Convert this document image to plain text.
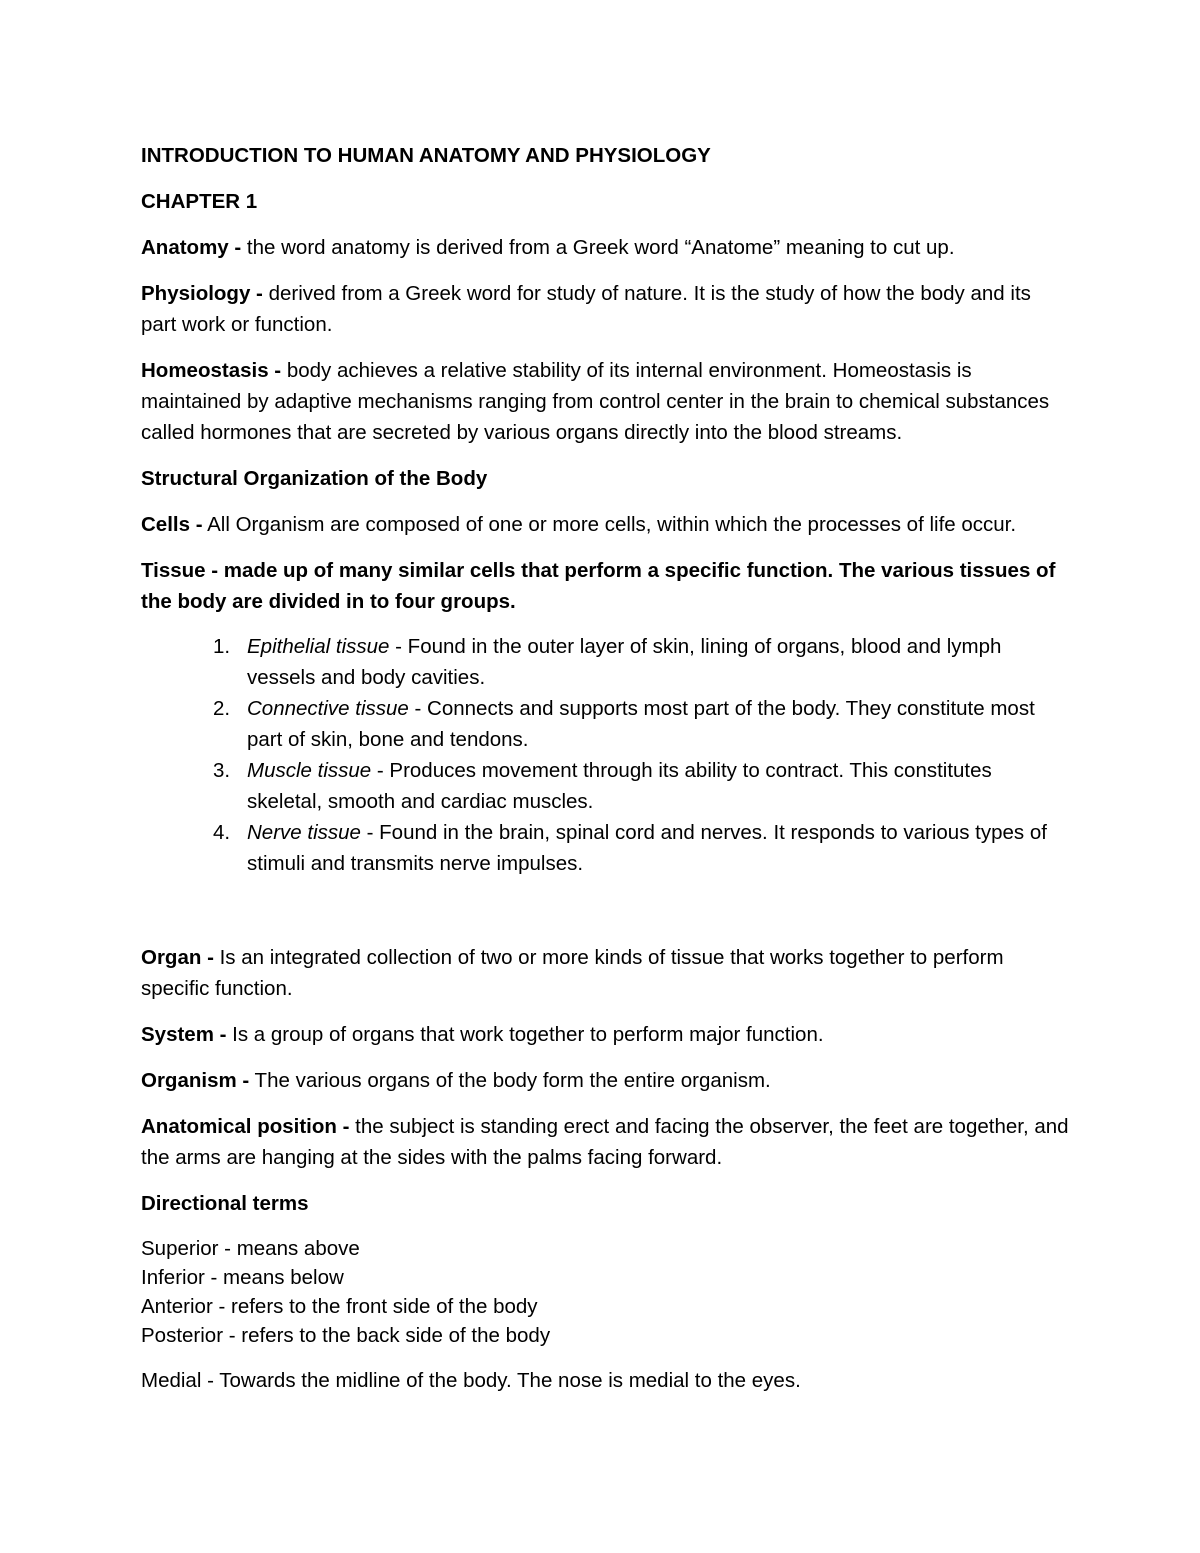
INTRODUCTION TO HUMAN ANATOMY AND PHYSIOLOGY

CHAPTER 1

Anatomy - the word anatomy is derived from a Greek word “Anatome” meaning to cut up.

Physiology - derived from a Greek word for study of nature. It is the study of how the body and its part work or function.

Homeostasis - body achieves a relative stability of its internal environment. Homeostasis is maintained by adaptive mechanisms ranging from control center in the brain to chemical substances called hormones that are secreted by various organs directly into the blood streams.

Structural Organization of the Body

Cells - All Organism are composed of one or more cells, within which the processes of life occur.

Tissue - made up of many similar cells that perform a specific function. The various tissues of the body are divided in to four groups.

1. Epithelial tissue - Found in the outer layer of skin, lining of organs, blood and lymph vessels and body cavities.
2. Connective tissue - Connects and supports most part of the body. They constitute most part of skin, bone and tendons.
3. Muscle tissue - Produces movement through its ability to contract. This constitutes skeletal, smooth and cardiac muscles.
4. Nerve tissue - Found in the brain, spinal cord and nerves. It responds to various types of stimuli and transmits nerve impulses.

Organ - Is an integrated collection of two or more kinds of tissue that works together to perform specific function.

System - Is a group of organs that work together to perform major function.

Organism - The various organs of the body form the entire organism.

Anatomical position - the subject is standing erect and facing the observer, the feet are together, and the arms are hanging at the sides with the palms facing forward.

Directional terms

Superior - means above
Inferior - means below
Anterior - refers to the front side of the body
Posterior - refers to the back side of the body

Medial - Towards the midline of the body. The nose is medial to the eyes.
